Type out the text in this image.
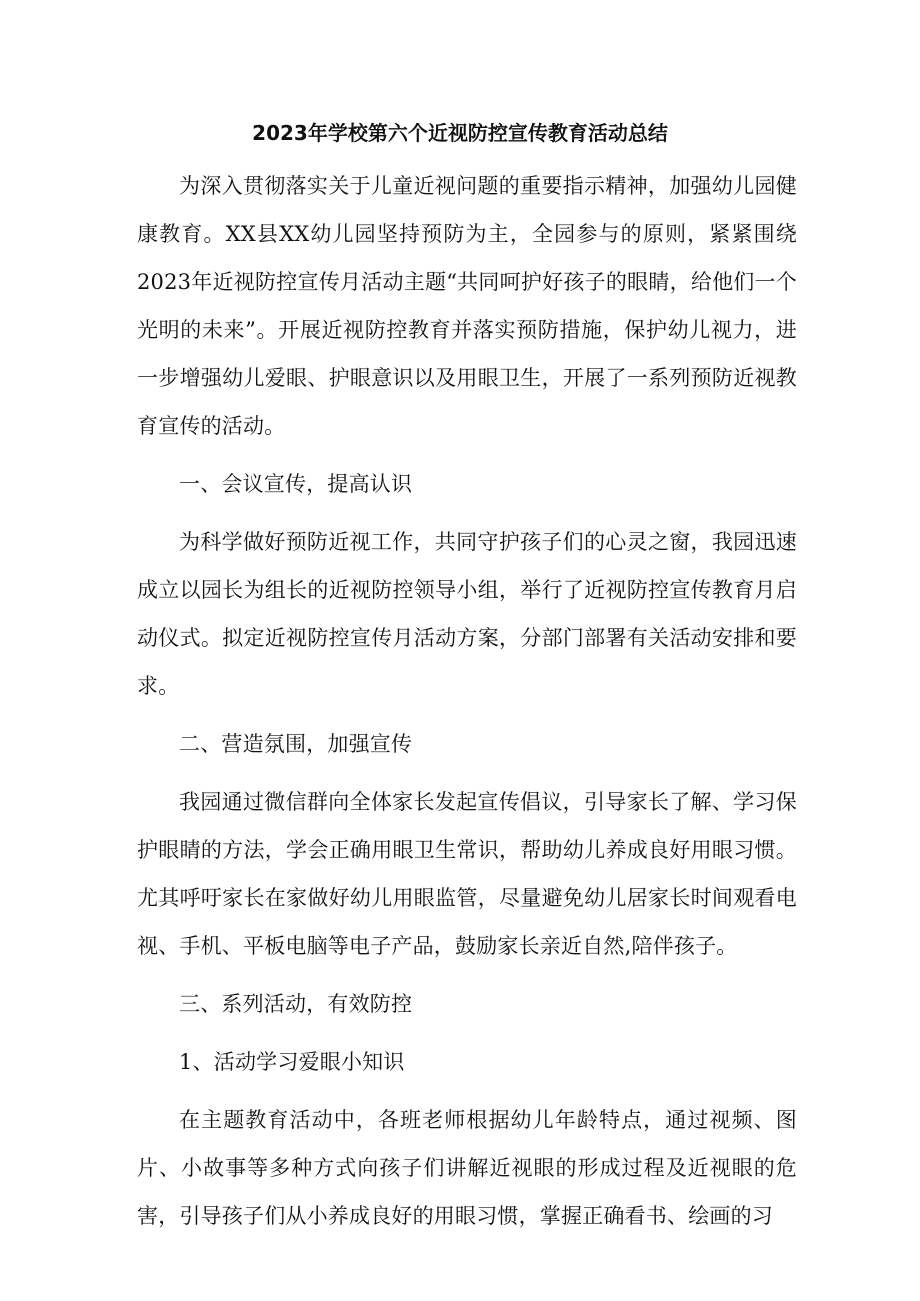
2023年学校第六个近视防控宣传教育活动总结

为深入贯彻落实关于儿童近视问题的重要指示精神，加强幼儿园健康教育。XX县XX幼儿园坚持预防为主，全园参与的原则，紧紧围绕2023年近视防控宣传月活动主题“共同呵护好孩子的眼睛，给他们一个光明的未来”。开展近视防控教育并落实预防措施，保护幼儿视力，进一步增强幼儿爱眼、护眼意识以及用眼卫生，开展了一系列预防近视教育宣传的活动。

一、会议宣传，提高认识

为科学做好预防近视工作，共同守护孩子们的心灵之窗，我园迅速成立以园长为组长的近视防控领导小组，举行了近视防控宣传教育月启动仪式。拟定近视防控宣传月活动方案，分部门部署有关活动安排和要求。

二、营造氛围，加强宣传

我园通过微信群向全体家长发起宣传倡议，引导家长了解、学习保护眼睛的方法，学会正确用眼卫生常识，帮助幼儿养成良好用眼习惯。尤其呼吁家长在家做好幼儿用眼监管，尽量避免幼儿居家长时间观看电视、手机、平板电脑等电子产品，鼓励家长亲近自然,陪伴孩子。

三、系列活动，有效防控

1、活动学习爱眼小知识

在主题教育活动中，各班老师根据幼儿年龄特点，通过视频、图片、小故事等多种方式向孩子们讲解近视眼的形成过程及近视眼的危害，引导孩子们从小养成良好的用眼习惯，掌握正确看书、绘画的习
